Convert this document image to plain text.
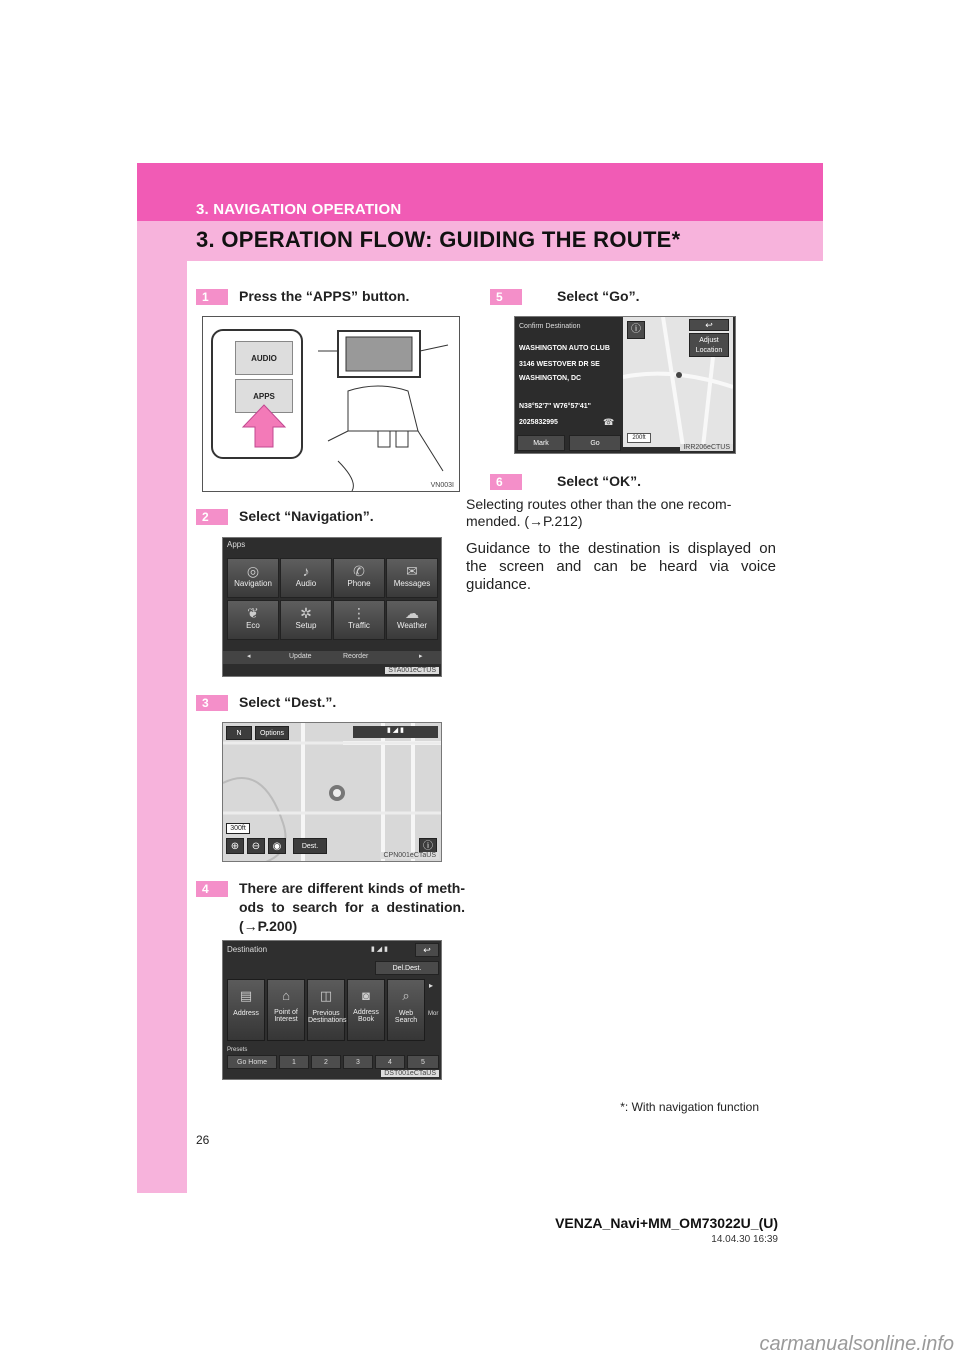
3. NAVIGATION OPERATION
3. OPERATION FLOW: GUIDING THE ROUTE*
1	Press the “APPS” button.
AUDIO
APPS
VN003I
2	Select “Navigation”.
Apps
◎
Navigation
♪
Audio
✆
Phone
✉
Messages
❦
Eco
✲
Setup
⋮
Traffic
☁
Weather
◂	Update	Reorder	▸
STA001eCTUS
3	Select “Dest.”.
N	Options	▮ ◢ ▮
300ft
⊕	⊖	◉	Dest.	ⓘ
CPN001eCTaUS
4	There are different kinds of meth- ods to search for a destination. (→P.200)
Destination	▮ ◢ ▮	↩
Del.Dest.
▤
Address
⌂
Point of Interest
◫
Previous Destinations
◙
Address Book
⌕
Web Search
▸
Mor
Presets
Go Home	1	2	3	4	5
DST001eCTaUS
5	Select “Go”.
Confirm Destination
WASHINGTON AUTO CLUB
3146 WESTOVER DR SE
WASHINGTON, DC
N38°52'7" W76°57'41"
2025832995	☎
Mark	Go
ⓘ	↩
Adjust Location
200ft
IRR206eCTUS
6	Select “OK”.
Selecting routes other than the one recom- mended. (→P.212)
Guidance to the destination is displayed on the screen and can be heard via voice guidance.
*: With navigation function
26
VENZA_Navi+MM_OM73022U_(U)
14.04.30 16:39
carmanualsonline.info
